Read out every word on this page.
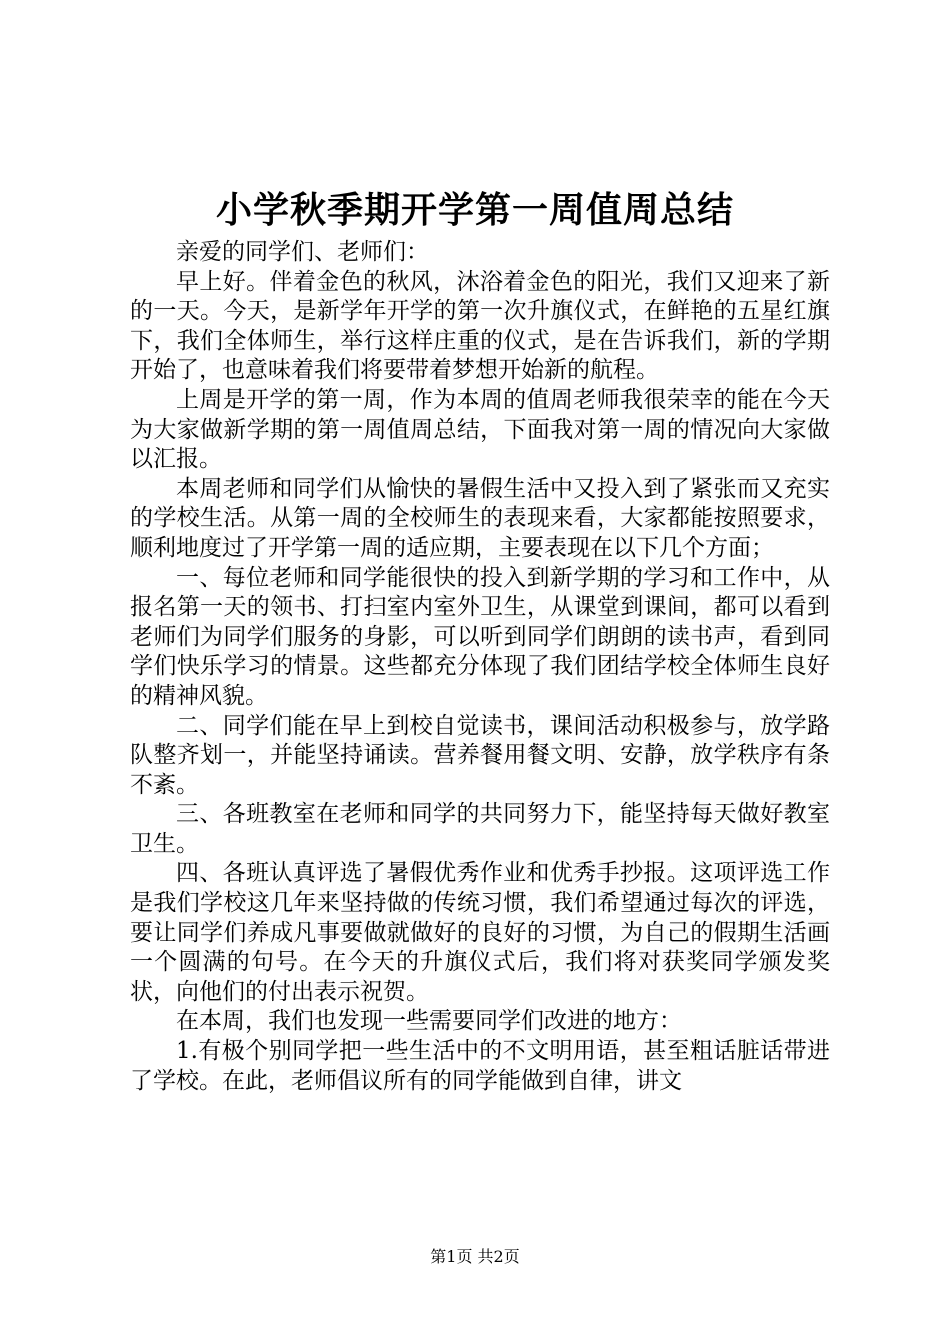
小学秋季期开学第一周值周总结

亲爱的同学们、老师们：

早上好。伴着金色的秋风，沐浴着金色的阳光，我们又迎来了新的一天。今天，是新学年开学的第一次升旗仪式，在鲜艳的五星红旗下，我们全体师生，举行这样庄重的仪式，是在告诉我们，新的学期开始了，也意味着我们将要带着梦想开始新的航程。

上周是开学的第一周，作为本周的值周老师我很荣幸的能在今天为大家做新学期的第一周值周总结，下面我对第一周的情况向大家做以汇报。

本周老师和同学们从愉快的暑假生活中又投入到了紧张而又充实的学校生活。从第一周的全校师生的表现来看，大家都能按照要求，顺利地度过了开学第一周的适应期，主要表现在以下几个方面；

一、每位老师和同学能很快的投入到新学期的学习和工作中，从报名第一天的领书、打扫室内室外卫生，从课堂到课间，都可以看到老师们为同学们服务的身影，可以听到同学们朗朗的读书声，看到同学们快乐学习的情景。这些都充分体现了我们团结学校全体师生良好的精神风貌。

二、同学们能在早上到校自觉读书，课间活动积极参与，放学路队整齐划一，并能坚持诵读。营养餐用餐文明、安静，放学秩序有条不紊。

三、各班教室在老师和同学的共同努力下，能坚持每天做好教室卫生。

四、各班认真评选了暑假优秀作业和优秀手抄报。这项评选工作是我们学校这几年来坚持做的传统习惯，我们希望通过每次的评选，要让同学们养成凡事要做就做好的良好的习惯，为自己的假期生活画一个圆满的句号。在今天的升旗仪式后，我们将对获奖同学颁发奖状，向他们的付出表示祝贺。

在本周，我们也发现一些需要同学们改进的地方：

1.有极个别同学把一些生活中的不文明用语，甚至粗话脏话带进了学校。在此，老师倡议所有的同学能做到自律，讲文

第1页 共2页
